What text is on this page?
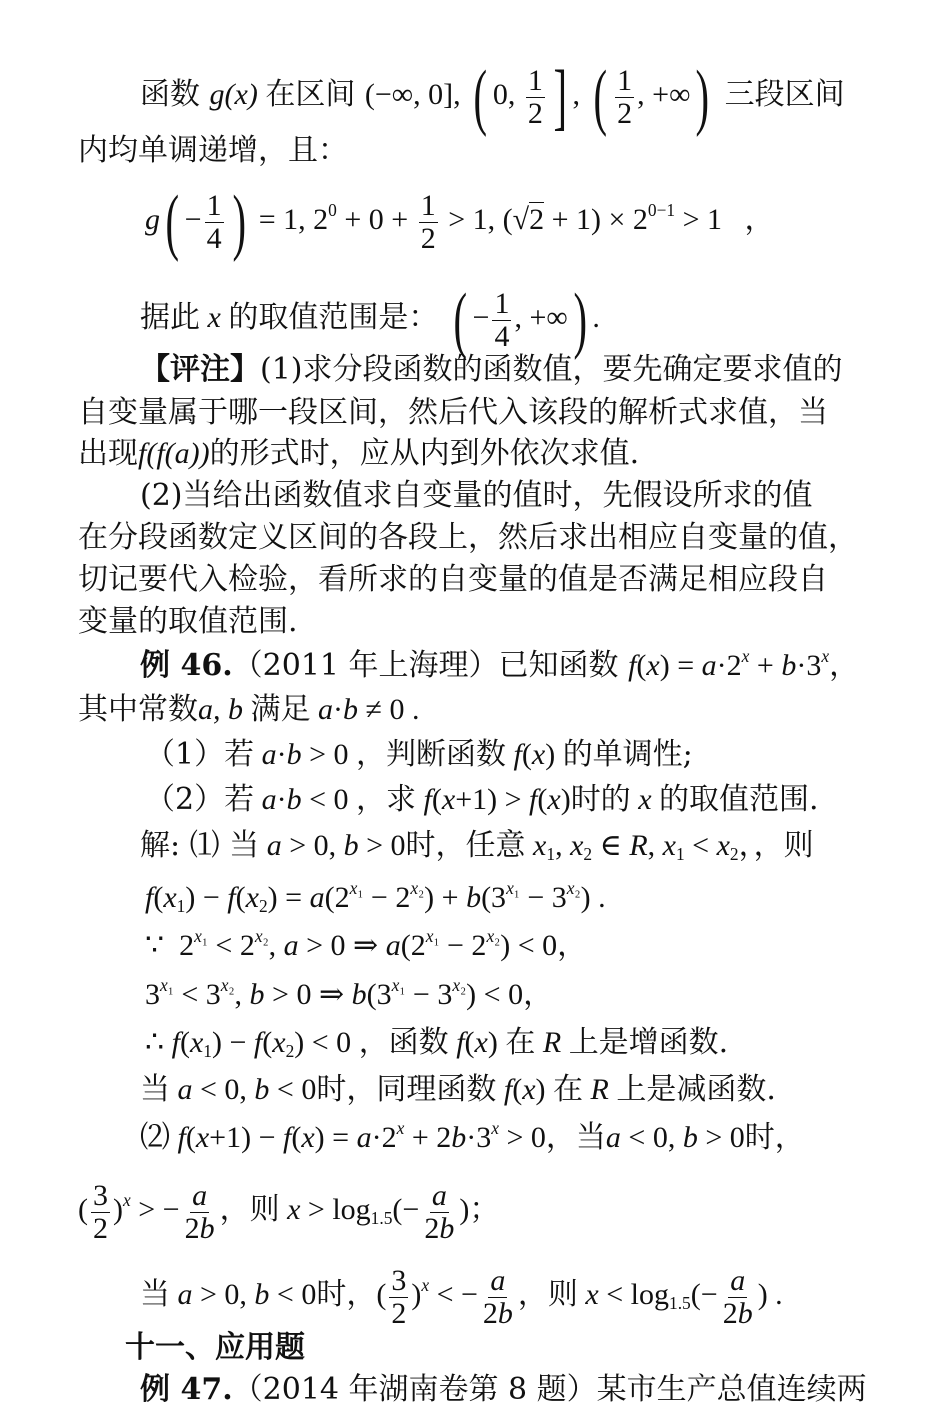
函数 g(x) 在区间 (−∞, 0], ( 0, $\frac{1}{2}$ ] , ( $\frac{1}{2}$ , +∞) 三段区间
内均单调递增，且：
$g( - \frac{1}{4}$ ) = 1, $2^0 + 0 + \frac{1}{2} > 1$, $(√2 + 1) \times 2^{0-1} > 1$   ，
据此 x 的取值范围是： ( − $\frac{1}{4}$ , +∞) .
【评注】(1)求分段函数的函数值，要先确定要求值的
自变量属于哪一段区间，然后代入该段的解析式求值，当
出现f(f(a))的形式时，应从内到外依次求值.
(2)当给出函数值求自变量的值时，先假设所求的值
在分段函数定义区间的各段上，然后求出相应自变量的值，
切记要代入检验，看所求的自变量的值是否满足相应段自
变量的取值范围.
例 46.（2011 年上海理）已知函数 $f(x) = a\cdot 2^x + b\cdot 3^x$，
其中常数a, b 满足 a·b ≠ 0 .
（1）若 a·b > 0 ，判断函数 f(x) 的单调性;
（2）若 a·b < 0 ，求 f(x+1) > f(x)时的 x 的取值范围.
解: ⑴ 当 a > 0, b > 0时，任意 $x_1$, $x_2$ ∈ R, $x_1 < x_2$，，则
$f(x_1) - f(x_2) = a(2^{x_1} - 2^{x_2}) + b(3^{x_1} - 3^{x_2})$ .
∵  $2^{x_1} < 2^{x_2}$, a > 0 ⇒ $a(2^{x_1} - 2^{x_2}) < 0$，
$3^{x_1} < 3^{x_2}$, b > 0 ⇒ $b(3^{x_1} - 3^{x_2}) < 0$，
∴ $f(x_1) - f(x_2) < 0$ ，函数 f(x) 在 R 上是增函数.
当 a < 0, b < 0时，同理函数 f(x) 在 R 上是减函数.
⑵ $f(x+1) - f(x) = a\cdot 2^x + 2b\cdot 3^x > 0$，当a < 0, b > 0时，
( $\frac{3}{2} )^x$ > − $\frac{a}{2b}$ ，则 $x > \log_{1.5}(- \frac{a}{2b}$ )；
当 a > 0, b < 0时，( $\frac{3}{2} )^x$ < − $\frac{a}{2b}$ ，则 $x < \log_{1.5}(- \frac{a}{2b}$ ) .
十一、应用题
例 47.（2014 年湖南卷第 8 题）某市生产总值连续两
